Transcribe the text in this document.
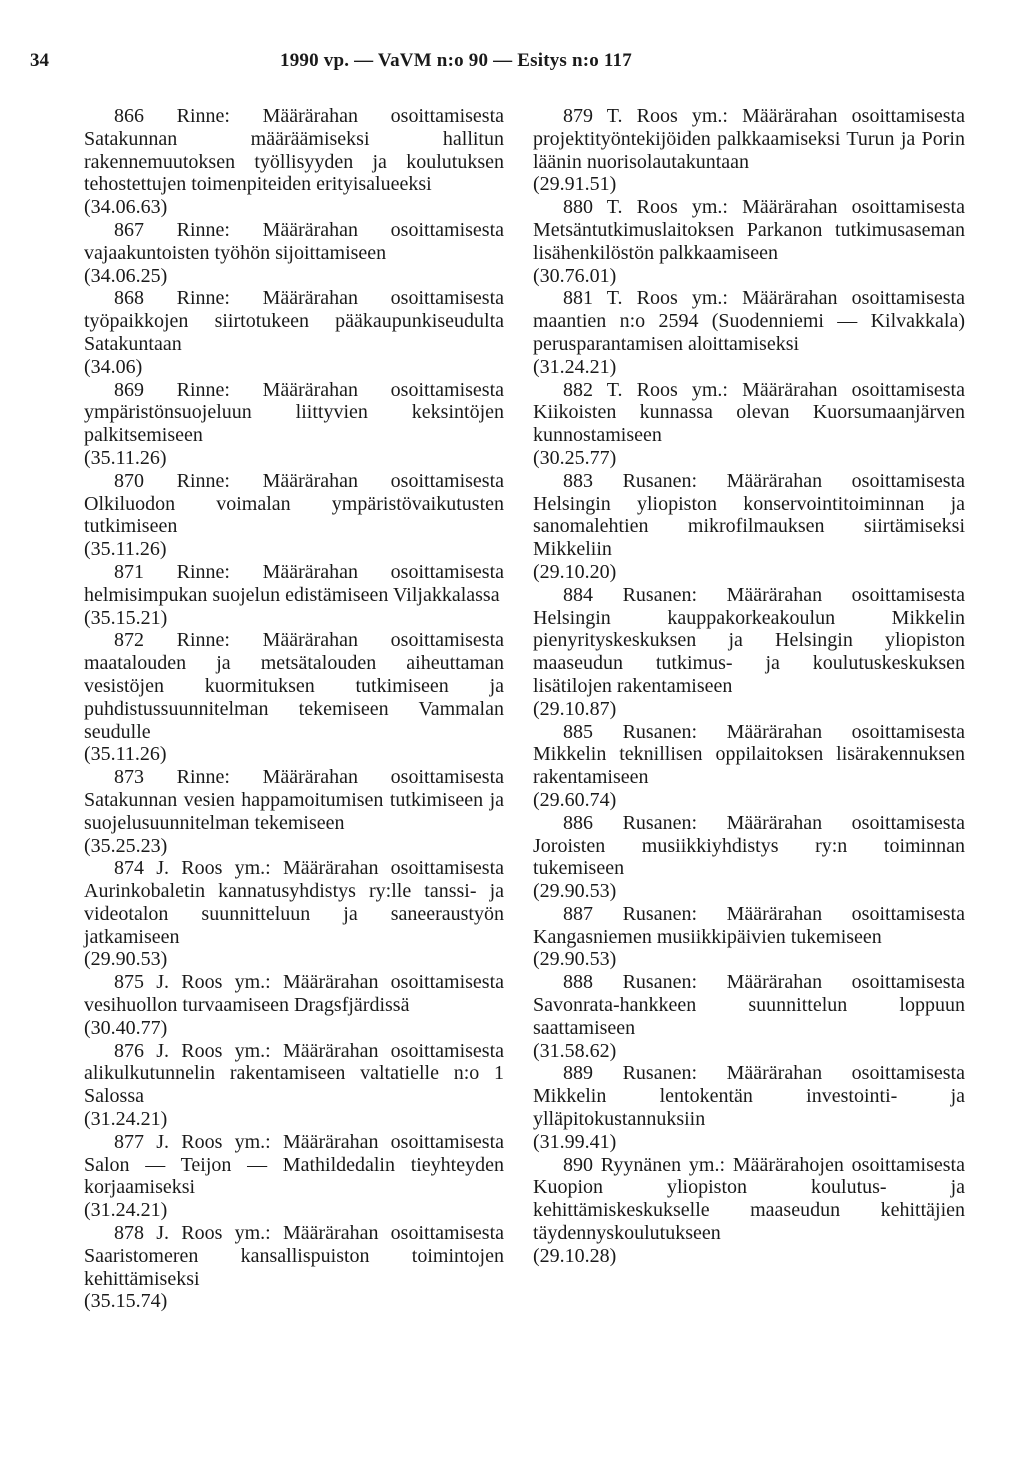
34	1990 vp. — VaVM n:o 90 — Esitys n:o 117

866 Rinne: Määrärahan osoittamisesta Satakunnan määräämiseksi hallitun rakennemuutoksen työllisyyden ja koulutuksen tehostettujen toimenpiteiden erityisalueeksi
(34.06.63)

867 Rinne: Määrärahan osoittamisesta vajaakuntoisten työhön sijoittamiseen
(34.06.25)

868 Rinne: Määrärahan osoittamisesta työpaikkojen siirtotukeen pääkaupunkiseudulta Satakuntaan
(34.06)

869 Rinne: Määrärahan osoittamisesta ympäristönsuojeluun liittyvien keksintöjen palkitsemiseen
(35.11.26)

870 Rinne: Määrärahan osoittamisesta Olkiluodon voimalan ympäristövaikutusten tutkimiseen
(35.11.26)

871 Rinne: Määrärahan osoittamisesta helmisimpukan suojelun edistämiseen Viljakkalassa
(35.15.21)

872 Rinne: Määrärahan osoittamisesta maatalouden ja metsätalouden aiheuttaman vesistöjen kuormituksen tutkimiseen ja puhdistussuunnitelman tekemiseen Vammalan seudulle
(35.11.26)

873 Rinne: Määrärahan osoittamisesta Satakunnan vesien happamoitumisen tutkimiseen ja suojelusuunnitelman tekemiseen
(35.25.23)

874 J. Roos ym.: Määrärahan osoittamisesta Aurinkobaletin kannatusyhdistys ry:lle tanssi- ja videotalon suunnitteluun ja saneeraustyön jatkamiseen
(29.90.53)

875 J. Roos ym.: Määrärahan osoittamisesta vesihuollon turvaamiseen Dragsfjärdissä
(30.40.77)

876 J. Roos ym.: Määrärahan osoittamisesta alikulkutunnelin rakentamiseen valtatielle n:o 1 Salossa
(31.24.21)

877 J. Roos ym.: Määrärahan osoittamisesta Salon — Teijon — Mathildedalin tieyhteyden korjaamiseksi
(31.24.21)

878 J. Roos ym.: Määrärahan osoittamisesta Saaristomeren kansallispuiston toimintojen kehittämiseksi
(35.15.74)

879 T. Roos ym.: Määrärahan osoittamisesta projektityöntekijöiden palkkaamiseksi Turun ja Porin läänin nuorisolautakuntaan
(29.91.51)

880 T. Roos ym.: Määrärahan osoittamisesta Metsäntutkimuslaitoksen Parkanon tutkimusaseman lisähenkilöstön palkkaamiseen
(30.76.01)

881 T. Roos ym.: Määrärahan osoittamisesta maantien n:o 2594 (Suodenniemi — Kilvakkala) perusparantamisen aloittamiseksi
(31.24.21)

882 T. Roos ym.: Määrärahan osoittamisesta Kiikoisten kunnassa olevan Kuorsumaanjärven kunnostamiseen
(30.25.77)

883 Rusanen: Määrärahan osoittamisesta Helsingin yliopiston konservointitoiminnan ja sanomalehtien mikrofilmauksen siirtämiseksi Mikkeliin
(29.10.20)

884 Rusanen: Määrärahan osoittamisesta Helsingin kauppakorkeakoulun Mikkelin pienyrityskeskuksen ja Helsingin yliopiston maaseudun tutkimus- ja koulutuskeskuksen lisätilojen rakentamiseen
(29.10.87)

885 Rusanen: Määrärahan osoittamisesta Mikkelin teknillisen oppilaitoksen lisärakennuksen rakentamiseen
(29.60.74)

886 Rusanen: Määrärahan osoittamisesta Joroisten musiikkiyhdistys ry:n toiminnan tukemiseen
(29.90.53)

887 Rusanen: Määrärahan osoittamisesta Kangasniemen musiikkipäivien tukemiseen
(29.90.53)

888 Rusanen: Määrärahan osoittamisesta Savonrata-hankkeen suunnittelun loppuun saattamiseen
(31.58.62)

889 Rusanen: Määrärahan osoittamisesta Mikkelin lentokentän investointi- ja ylläpitokustannuksiin
(31.99.41)

890 Ryynänen ym.: Määrärahojen osoittamisesta Kuopion yliopiston koulutus- ja kehittämiskeskukselle maaseudun kehittäjien täydennyskoulutukseen
(29.10.28)
